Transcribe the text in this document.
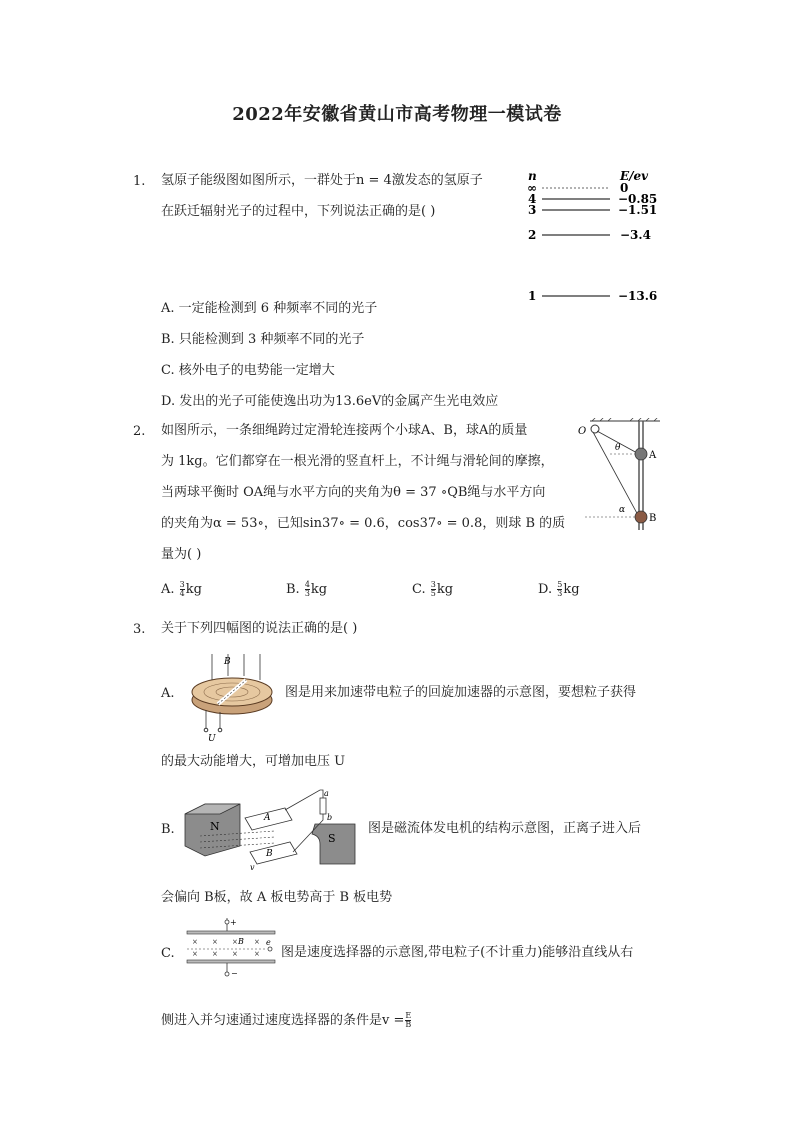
2022年安徽省黄山市高考物理一模试卷
1. 氢原子能级图如图所示，一群处于n = 4激发态的氢原子
在跃迁辐射光子的过程中，下列说法正确的是( )
n	E/ev
∞	0
4	−0.85
3	−1.51
2	−3.4
1	−13.6
A. 一定能检测到 6 种频率不同的光子
B. 只能检测到 3 种频率不同的光子
C. 核外电子的电势能一定增大
D. 发出的光子可能使逸出功为13.6eV的金属产生光电效应
2. 如图所示，一条细绳跨过定滑轮连接两个小球A、B，球A的质量
为 1kg。它们都穿在一根光滑的竖直杆上，不计绳与滑轮间的摩擦，
当两球平衡时 OA绳与水平方向的夹角为θ = 37 ∘QB绳与水平方向
的夹角为α = 53∘，已知sin37∘ = 0.6，cos37∘ = 0.8，则球 B 的质
量为( )
O
θ
α
A
B
A. $\frac{3}{4}$ kg	B. $\frac{4}{3}$ kg	C. $\frac{3}{5}$ kg	D. $\frac{5}{3}$ kg
3. 关于下列四幅图的说法正确的是( )
A.
B
U
图是用来加速带电粒子的回旋加速器的示意图，要想粒子获得
的最大动能增大，可增加电压 U
B.	N
S
A
B
v
a
b
图是磁流体发电机的结构示意图，正离子进入后
会偏向 B板，故 A 板电势高于 B 板电势
C.
+
−
× × × ×
× × × ×
B	e
图是速度选择器的示意图,带电粒子(不计重力)能够沿直线从右
侧进入并匀速通过速度选择器的条件是$v = \frac{E}{B}$
